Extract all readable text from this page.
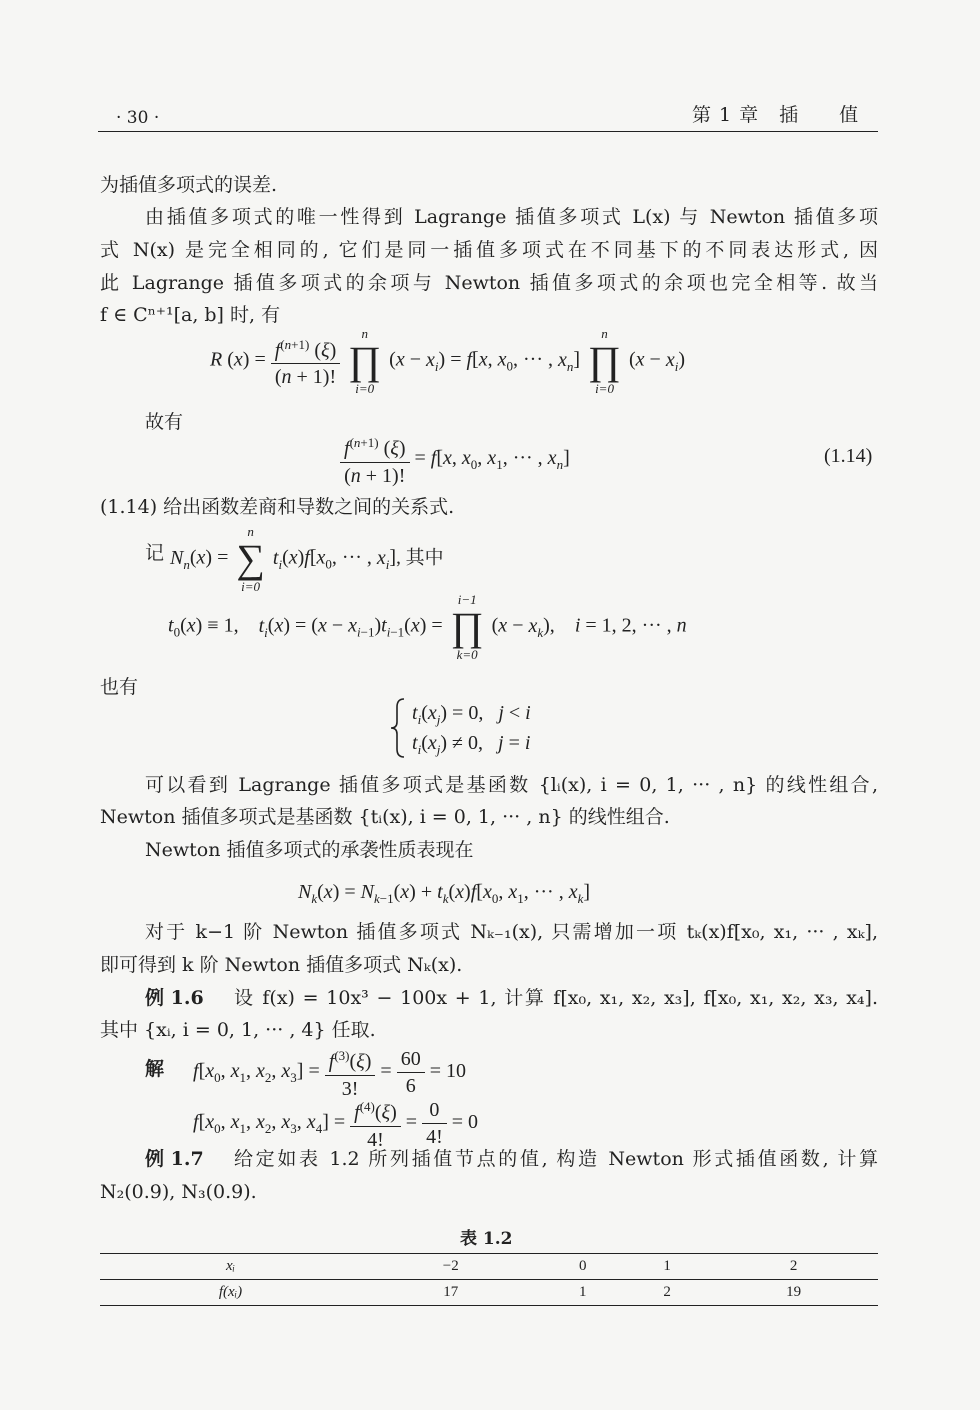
· 30 ·	第 1 章　插　　值
为插值多项式的误差.
由插值多项式的唯一性得到 Lagrange 插值多项式 L(x) 与 Newton 插值多项
式 N(x) 是完全相同的, 它们是同一插值多项式在不同基下的不同表达形式, 因
此 Lagrange 插值多项式的余项与 Newton 插值多项式的余项也完全相等. 故当
f ∈ Cⁿ⁺¹[a, b] 时, 有
R $(x) = \frac{f^{(n+1)} (\xi)}{(n + 1)!}$
n
∏
i=0
$(x - x_i) = f[x$, $x_0$, ··· , $x_n$]
n
∏
i=0
$(x - x_i)$
故有
$\frac{f^{(n+1)} (\xi)}{(n + 1)!} = f[x$, $x_0$, $x_1$, ··· , $x_n$]	(1.14)
(1.14) 给出函数差商和导数之间的关系式.
记 $N_n(x)$ =
n
∑
i=0
$t_i(x)f[x_0$, ··· , $x_i$], 其中
$t_0(x) \equiv 1$,    $t_i(x) = (x - x_{i-1})t_{i-1}(x)$ =
i−1
∏
k=0
$(x - x_k)$,    i = 1, 2, ··· , n
也有
$t_i(x_j) = 0$,   j < i
$t_i(x_j) \ne 0$,   j = i
可以看到 Lagrange 插值多项式是基函数 {lᵢ(x), i = 0, 1, ··· , n} 的线性组合,
Newton 插值多项式是基函数 {tᵢ(x), i = 0, 1, ··· , n} 的线性组合.
Newton 插值多项式的承袭性质表现在
$N_k(x) = N_{k-1}(x) + t_k(x)f[x_0$, $x_1$, ··· , $x_k$]
对于 k−1 阶 Newton 插值多项式 Nₖ₋₁(x), 只需增加一项 tₖ(x)f[x₀, x₁, ··· , xₖ],
即可得到 k 阶 Newton 插值多项式 Nₖ(x).
例 1.6 设 f(x) = 10x³ − 100x + 1, 计算 f[x₀, x₁, x₂, x₃], f[x₀, x₁, x₂, x₃, x₄].
其中 {xᵢ, i = 0, 1, ··· , 4} 任取.
解 $f[x_0$, $x_1$, $x_2$, $x_3] = \frac{f^{(3)}(\xi)}{3!} = \frac{60}{6} = 10$
$f[x_0$, $x_1$, $x_2$, $x_3$, $x_4] = \frac{f^{(4)}(\xi)}{4!} = \frac{0}{4!} = 0$
例 1.7 给定如表 1.2 所列插值节点的值, 构造 Newton 形式插值函数, 计算
N₂(0.9), N₃(0.9).
表 1.2
xᵢ	−2	0	1	2
f(xᵢ)	17	1	2	19
